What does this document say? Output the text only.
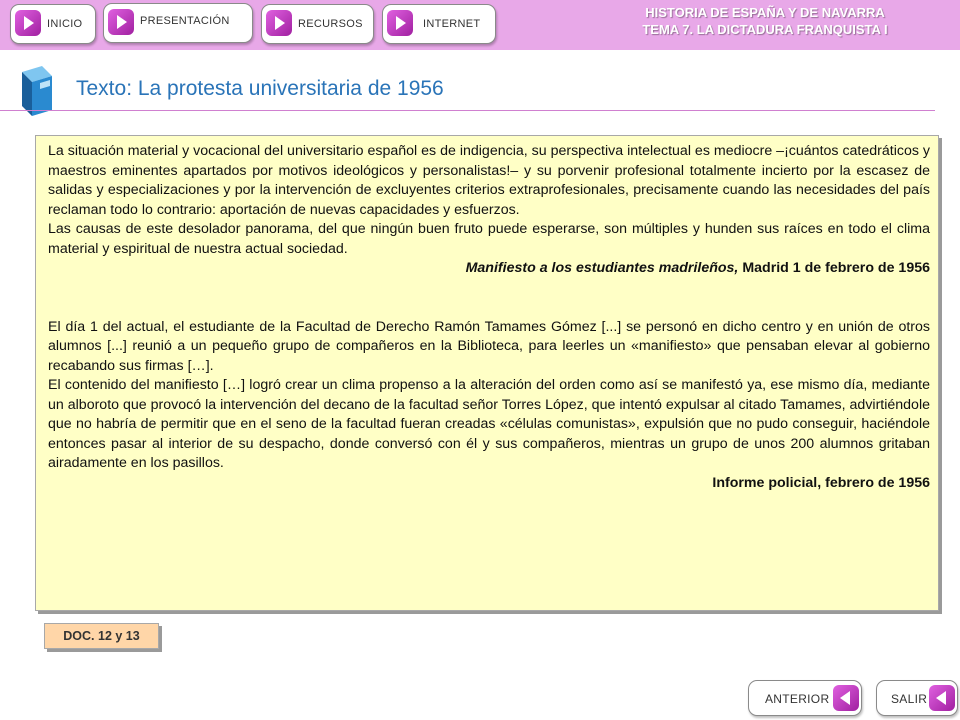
INICIO	PRESENTACIÓN	RECURSOS	INTERNET
HISTORIA DE ESPAÑA Y DE NAVARRA
TEMA 7. LA DICTADURA FRANQUISTA I
Texto: La protesta universitaria de 1956

La situación material y vocacional del universitario español es de indigencia, su perspectiva intelectual es mediocre –¡cuántos catedráticos y maestros eminentes apartados por motivos ideológicos y personalistas!– y su porvenir profesional totalmente incierto por la escasez de salidas y especializaciones y por la intervención de excluyentes criterios extraprofesionales, precisamente cuando las necesidades del país reclaman todo lo contrario: aportación de nuevas capacidades y esfuerzos.

Las causas de este desolador panorama, del que ningún buen fruto puede esperarse, son múltiples y hunden sus raíces en todo el clima material y espiritual de nuestra actual sociedad.

Manifiesto a los estudiantes madrileños, Madrid 1 de febrero de 1956

El día 1 del actual, el estudiante de la Facultad de Derecho Ramón Tamames Gómez [...] se personó en dicho centro y en unión de otros alumnos [...] reunió a un pequeño grupo de compañeros en la Biblioteca, para leerles un «manifiesto» que pensaban elevar al gobierno recabando sus firmas […].

El contenido del manifiesto […] logró crear un clima propenso a la alteración del orden como así se manifestó ya, ese mismo día, mediante un alboroto que provocó la intervención del decano de la facultad señor Torres López, que intentó expulsar al citado Tamames, advirtiéndole que no habría de permitir que en el seno de la facultad fueran creadas «células comunistas», expulsión que no pudo conseguir, haciéndole entonces pasar al interior de su despacho, donde conversó con él y sus compañeros, mientras un grupo de unos 200 alumnos gritaban airadamente en los pasillos.

Informe policial, febrero de 1956

DOC. 12 y 13
ANTERIOR	SALIR
